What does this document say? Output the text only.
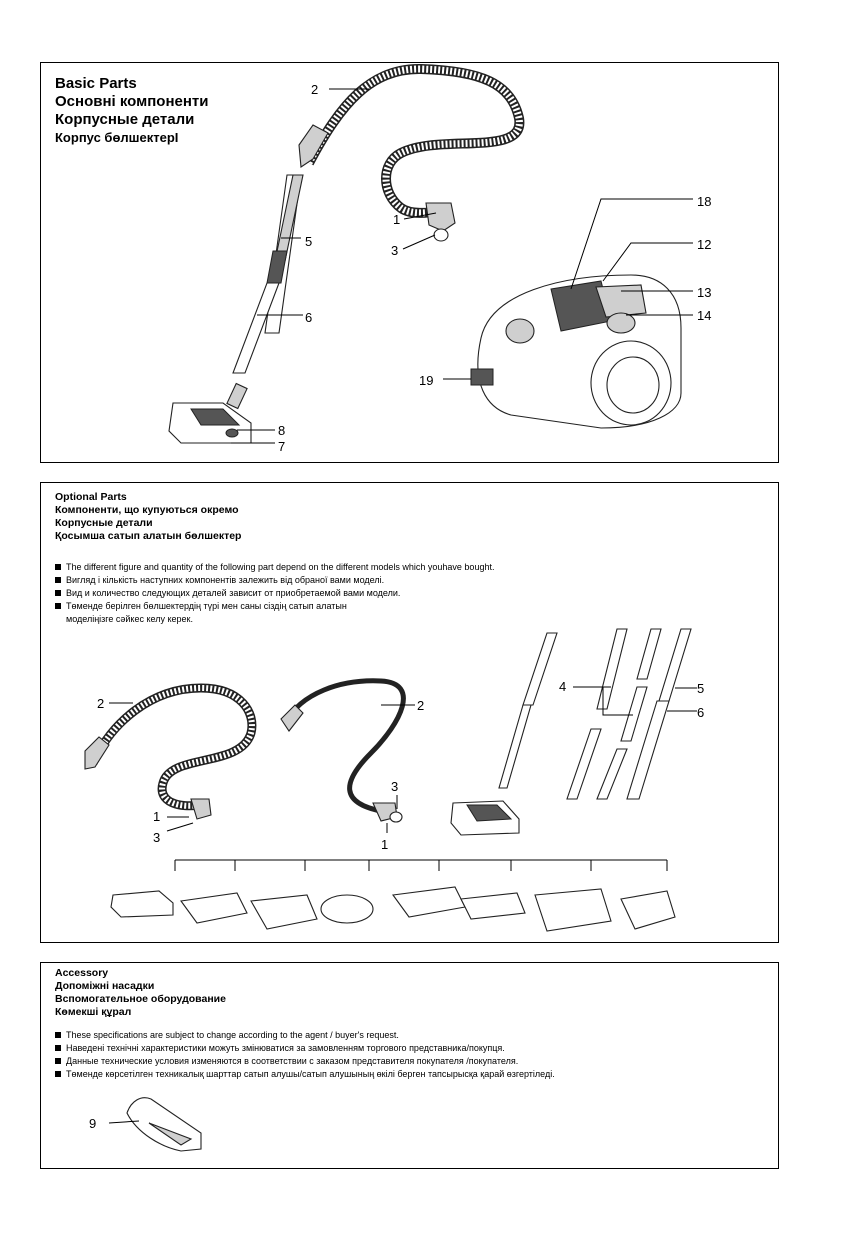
Basic Parts
Основні компоненти
Корпусные детали
Корпус бөлшектерІ
2
1
3
5
6
8
7
18
12
13
14
19
Optional Parts
Компоненти, що купуються окремо
Корпусные детали
Қосымша сатып алатын бөлшектер
The different figure and quantity of the following part depend on the different models which youhave bought.
Вигляд і кількість наступних компонентів залежить від обраної вами моделі.
Вид и количество следующих деталей зависит от приобретаемой вами модели.
Төменде берілген бөлшектердің түрі мен саны сіздің сатып алатын
моделіңізге сәйкес келу керек.
2
1
3
2
3
1
4	5
6
Accessory
Допоміжні насадки
Вспомогательное оборудование
Көмекші құрал
These specifications are subject to change according to the agent / buyer's request.
Наведені технічні характеристики можуть змінюватися за замовленням торгового представника/покупця.
Данные технические условия изменяются в соответствии с заказом представителя покупателя /покупателя.
Төменде көрсетілген техникалық шарттар сатып алушы/сатып алушының өкілі берген тапсырысқа қарай өзгертіледі.
9
